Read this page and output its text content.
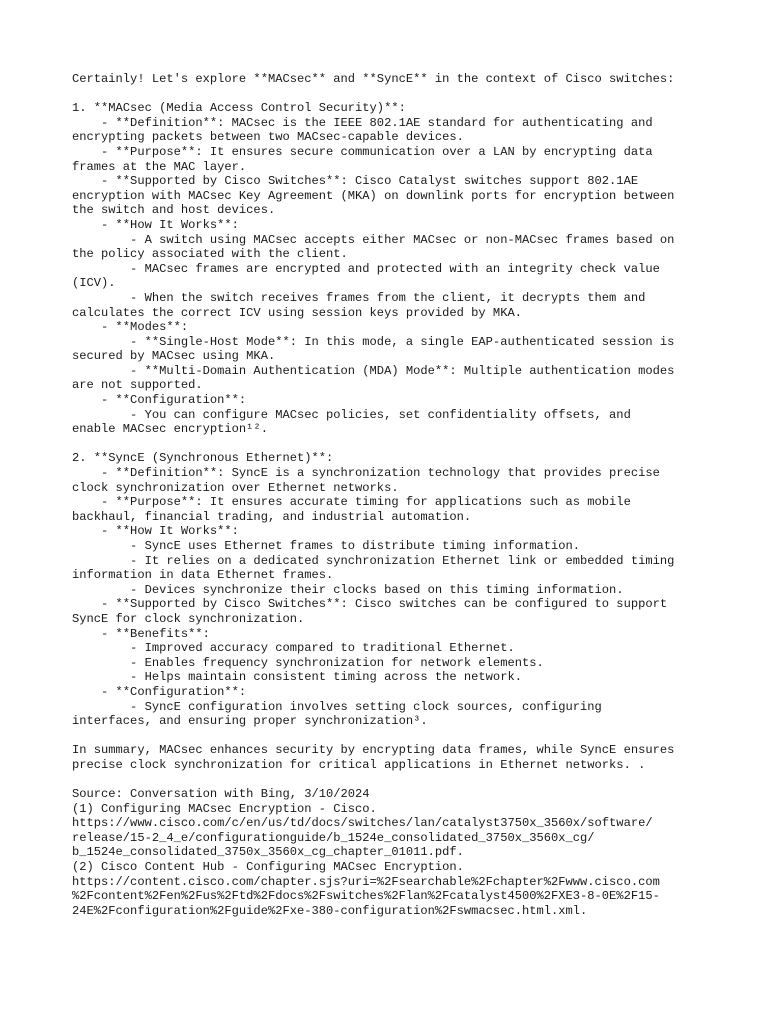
Certainly! Let's explore **MACsec** and **SyncE** in the context of Cisco switches:
1. **MACsec (Media Access Control Security)**:
- **Definition**: MACsec is the IEEE 802.1AE standard for authenticating and
encrypting packets between two MACsec-capable devices.
- **Purpose**: It ensures secure communication over a LAN by encrypting data
frames at the MAC layer.
- **Supported by Cisco Switches**: Cisco Catalyst switches support 802.1AE
encryption with MACsec Key Agreement (MKA) on downlink ports for encryption between
the switch and host devices.
- **How It Works**:
- A switch using MACsec accepts either MACsec or non-MACsec frames based on
the policy associated with the client.
- MACsec frames are encrypted and protected with an integrity check value
(ICV).
- When the switch receives frames from the client, it decrypts them and
calculates the correct ICV using session keys provided by MKA.
- **Modes**:
- **Single-Host Mode**: In this mode, a single EAP-authenticated session is
secured by MACsec using MKA.
- **Multi-Domain Authentication (MDA) Mode**: Multiple authentication modes
are not supported.
- **Configuration**:
- You can configure MACsec policies, set confidentiality offsets, and
enable MACsec encryption¹².
2. **SyncE (Synchronous Ethernet)**:
- **Definition**: SyncE is a synchronization technology that provides precise
clock synchronization over Ethernet networks.
- **Purpose**: It ensures accurate timing for applications such as mobile
backhaul, financial trading, and industrial automation.
- **How It Works**:
- SyncE uses Ethernet frames to distribute timing information.
- It relies on a dedicated synchronization Ethernet link or embedded timing
information in data Ethernet frames.
- Devices synchronize their clocks based on this timing information.
- **Supported by Cisco Switches**: Cisco switches can be configured to support
SyncE for clock synchronization.
- **Benefits**:
- Improved accuracy compared to traditional Ethernet.
- Enables frequency synchronization for network elements.
- Helps maintain consistent timing across the network.
- **Configuration**:
- SyncE configuration involves setting clock sources, configuring
interfaces, and ensuring proper synchronization³.
In summary, MACsec enhances security by encrypting data frames, while SyncE ensures
precise clock synchronization for critical applications in Ethernet networks. .
Source: Conversation with Bing, 3/10/2024
(1) Configuring MACsec Encryption - Cisco.
https://www.cisco.com/c/en/us/td/docs/switches/lan/catalyst3750x_3560x/software/
release/15-2_4_e/configurationguide/b_1524e_consolidated_3750x_3560x_cg/
b_1524e_consolidated_3750x_3560x_cg_chapter_01011.pdf.
(2) Cisco Content Hub - Configuring MACsec Encryption.
https://content.cisco.com/chapter.sjs?uri=%2Fsearchable%2Fchapter%2Fwww.cisco.com
%2Fcontent%2Fen%2Fus%2Ftd%2Fdocs%2Fswitches%2Flan%2Fcatalyst4500%2FXE3-8-0E%2F15-
24E%2Fconfiguration%2Fguide%2Fxe-380-configuration%2Fswmacsec.html.xml.
